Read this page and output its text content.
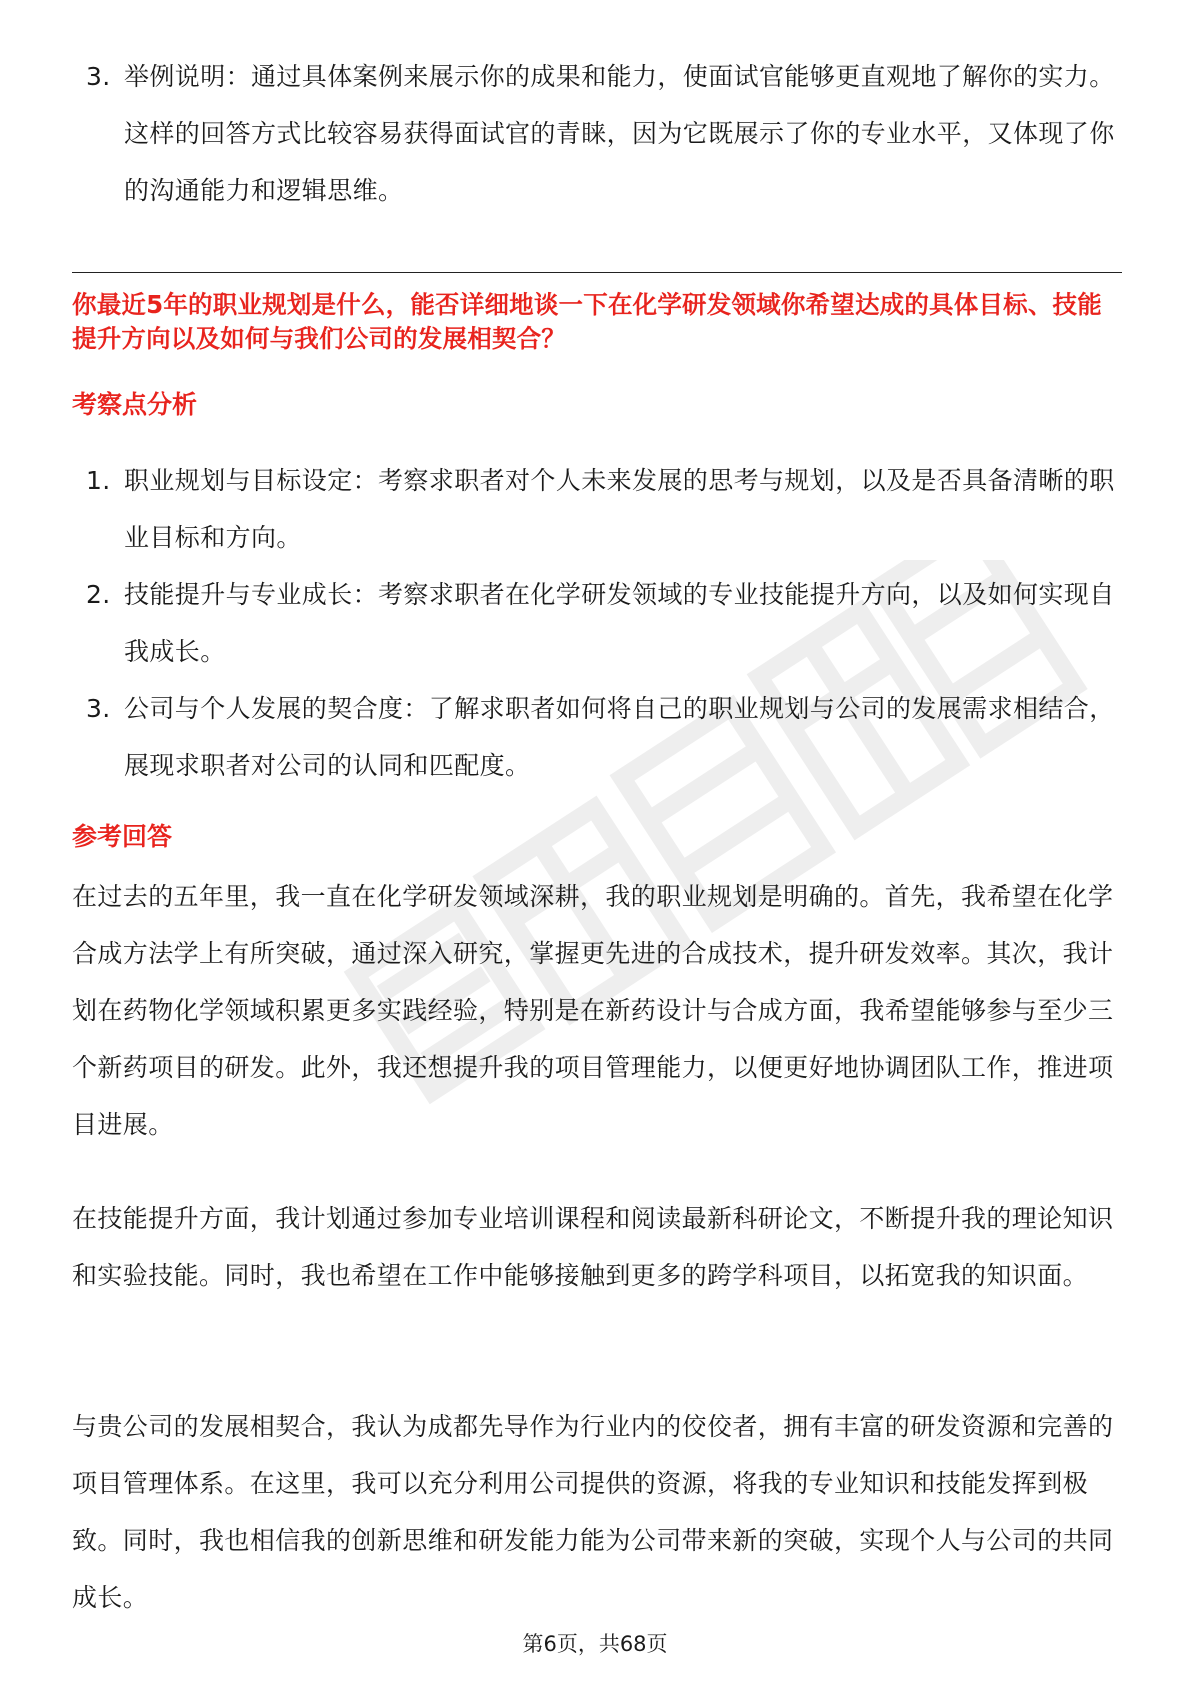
3. 举例说明：通过具体案例来展示你的成果和能力，使面试官能够更直观地了解你的实力。 这样的回答方式比较容易获得面试官的青睐，因为它既展示了你的专业水平，又体现了你的沟通能力和逻辑思维。
你最近5年的职业规划是什么，能否详细地谈一下在化学研发领域你希望达成的具体目标、技能提升方向以及如何与我们公司的发展相契合？
考察点分析
1. 职业规划与目标设定：考察求职者对个人未来发展的思考与规划，以及是否具备清晰的职业目标和方向。
2. 技能提升与专业成长：考察求职者在化学研发领域的专业技能提升方向，以及如何实现自我成长。
3. 公司与个人发展的契合度：了解求职者如何将自己的职业规划与公司的发展需求相结合，展现求职者对公司的认同和匹配度。
参考回答

在过去的五年里，我一直在化学研发领域深耕，我的职业规划是明确的。首先，我希望在化学合成方法学上有所突破，通过深入研究，掌握更先进的合成技术，提升研发效率。其次，我计划在药物化学领域积累更多实践经验，特别是在新药设计与合成方面，我希望能够参与至少三个新药项目的研发。此外，我还想提升我的项目管理能力，以便更好地协调团队工作，推进项目进展。

在技能提升方面，我计划通过参加专业培训课程和阅读最新科研论文，不断提升我的理论知识和实验技能。同时，我也希望在工作中能够接触到更多的跨学科项目，以拓宽我的知识面。

与贵公司的发展相契合，我认为成都先导作为行业内的佼佼者，拥有丰富的研发资源和完善的项目管理体系。在这里，我可以充分利用公司提供的资源，将我的专业知识和技能发挥到极致。同时，我也相信我的创新思维和研发能力能为公司带来新的突破，实现个人与公司的共同成长。

第6页，共68页
